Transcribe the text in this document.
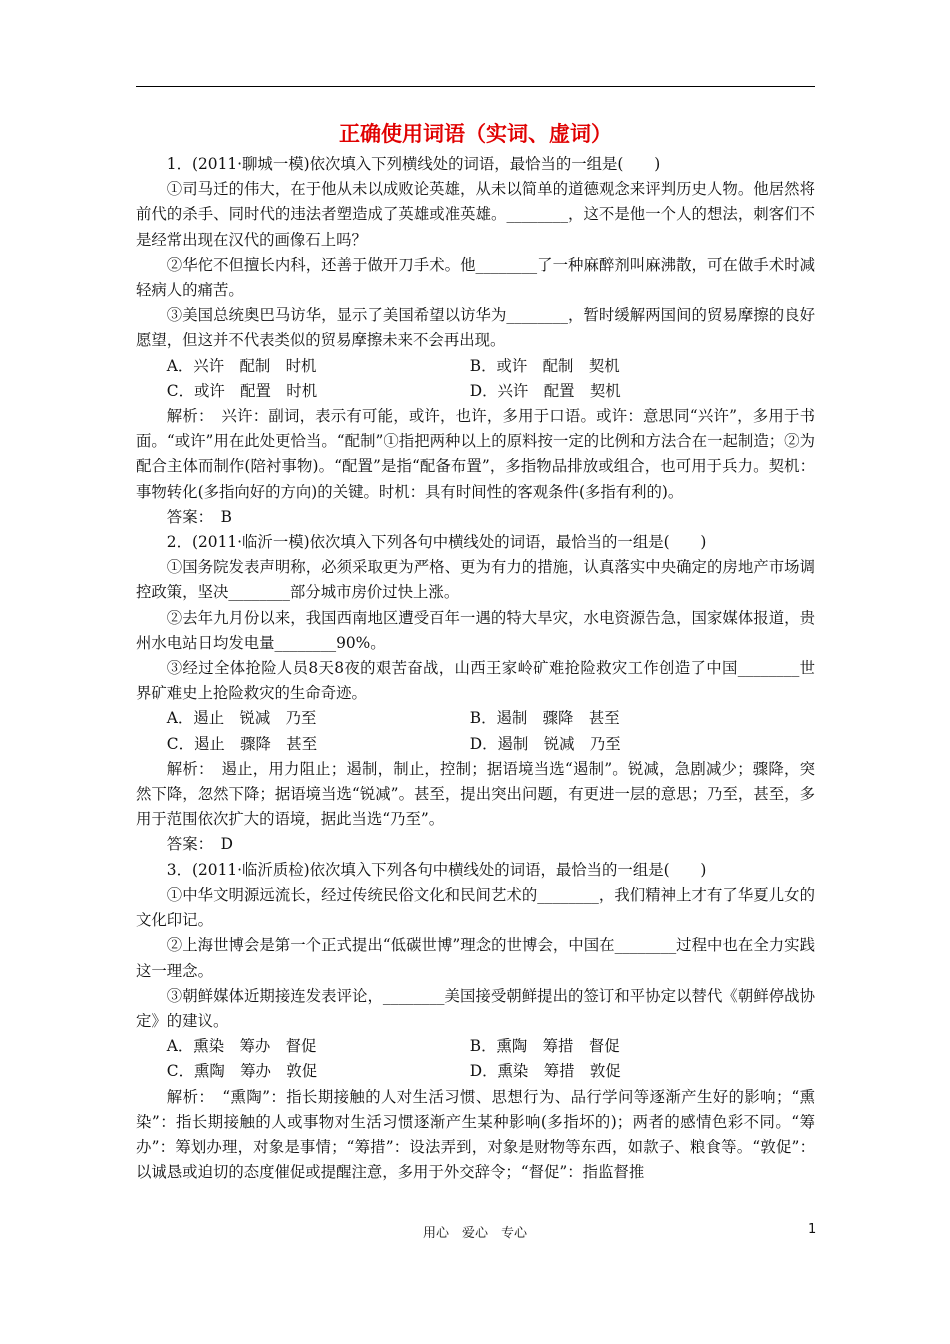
正确使用词语（实词、虚词）

1．(2011·聊城一模)依次填入下列横线处的词语，最恰当的一组是(　　)

①司马迁的伟大，在于他从未以成败论英雄，从未以简单的道德观念来评判历史人物。他居然将前代的杀手、同时代的违法者塑造成了英雄或准英雄。________，这不是他一个人的想法，刺客们不是经常出现在汉代的画像石上吗？

②华佗不但擅长内科，还善于做开刀手术。他________了一种麻醉剂叫麻沸散，可在做手术时减轻病人的痛苦。

③美国总统奥巴马访华，显示了美国希望以访华为________，暂时缓解两国间的贸易摩擦的良好愿望，但这并不代表类似的贸易摩擦未来不会再出现。

A．兴许　配制　时机	B．或许　配制　契机
C．或许　配置　时机	D．兴许　配置　契机

解析：　兴许：副词，表示有可能，或许，也许，多用于口语。或许：意思同“兴许”，多用于书面。“或许”用在此处更恰当。“配制”①指把两种以上的原料按一定的比例和方法合在一起制造；②为配合主体而制作(陪衬事物)。“配置”是指“配备布置”，多指物品排放或组合，也可用于兵力。契机：事物转化(多指向好的方向)的关键。时机：具有时间性的客观条件(多指有利的)。

答案：　B

2．(2011·临沂一模)依次填入下列各句中横线处的词语，最恰当的一组是(　　)

①国务院发表声明称，必须采取更为严格、更为有力的措施，认真落实中央确定的房地产市场调控政策，坚决________部分城市房价过快上涨。

②去年九月份以来，我国西南地区遭受百年一遇的特大旱灾，水电资源告急，国家媒体报道，贵州水电站日均发电量________90%。

③经过全体抢险人员8天8夜的艰苦奋战，山西王家岭矿难抢险救灾工作创造了中国________世界矿难史上抢险救灾的生命奇迹。

A．遏止　锐减　乃至	B．遏制　骤降　甚至
C．遏止　骤降　甚至	D．遏制　锐减　乃至

解析：　遏止，用力阻止；遏制，制止，控制；据语境当选“遏制”。锐减，急剧减少；骤降，突然下降，忽然下降；据语境当选“锐减”。甚至，提出突出问题，有更进一层的意思；乃至，甚至，多用于范围依次扩大的语境，据此当选“乃至”。

答案：　D

3．(2011·临沂质检)依次填入下列各句中横线处的词语，最恰当的一组是(　　)

①中华文明源远流长，经过传统民俗文化和民间艺术的________，我们精神上才有了华夏儿女的文化印记。

②上海世博会是第一个正式提出“低碳世博”理念的世博会，中国在________过程中也在全力实践这一理念。

③朝鲜媒体近期接连发表评论，________美国接受朝鲜提出的签订和平协定以替代《朝鲜停战协定》的建议。

A．熏染　筹办　督促	B．熏陶　筹措　督促
C．熏陶　筹办　敦促	D．熏染　筹措　敦促

解析：　“熏陶”：指长期接触的人对生活习惯、思想行为、品行学问等逐渐产生好的影响；“熏染”：指长期接触的人或事物对生活习惯逐渐产生某种影响(多指坏的)；两者的感情色彩不同。“筹办”：筹划办理，对象是事情；“筹措”：设法弄到，对象是财物等东西，如款子、粮食等。“敦促”：以诚恳或迫切的态度催促或提醒注意，多用于外交辞令；“督促”：指监督推

用心　爱心　专心	1
